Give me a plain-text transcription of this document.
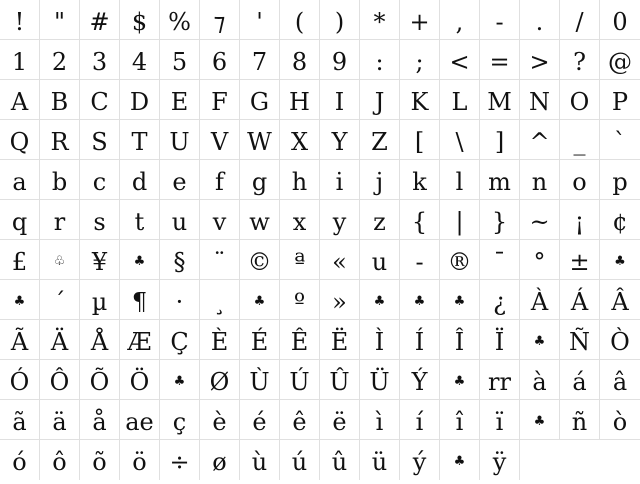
!	"	# $ % ⁊	'	(	)	* +	,	-	.	/	0
1	2	3	4	5	6	7	8	9	:	;	< = > ? @
A B C D E F G H	I	J	K L M N O P
Q R S T U V W X Y Z	[	\	]	^ _	`
a	b	c	d	e	f	g	h	i	j	k	l	m n	o	p
q	r	s	t	u	v w x	y	z	{	|	} ~	¡	¢
£	♧	¥	♣	§	¨ © ª	«	u	- ® ¯	° ±	♣
♣	´	µ	¶	·	¸	♣	º	»	♣	♣	♣	¿	À Á Â
Ã Ä Å Æ Ç È É Ê Ë	Ì	Í	Î	Ï	♣ Ñ Ò
Ó Ô Õ Ö	♣	Ø Ù Ú Û Ü Ý	♣ rr à	á	â
ã	ä	å ae ç	è	é	ê	ë	ì	í	î	ï	♣	ñ	ò
ó	ô	õ	ö ÷ ø	ù	ú	û	ü	ý	♣	ÿ
